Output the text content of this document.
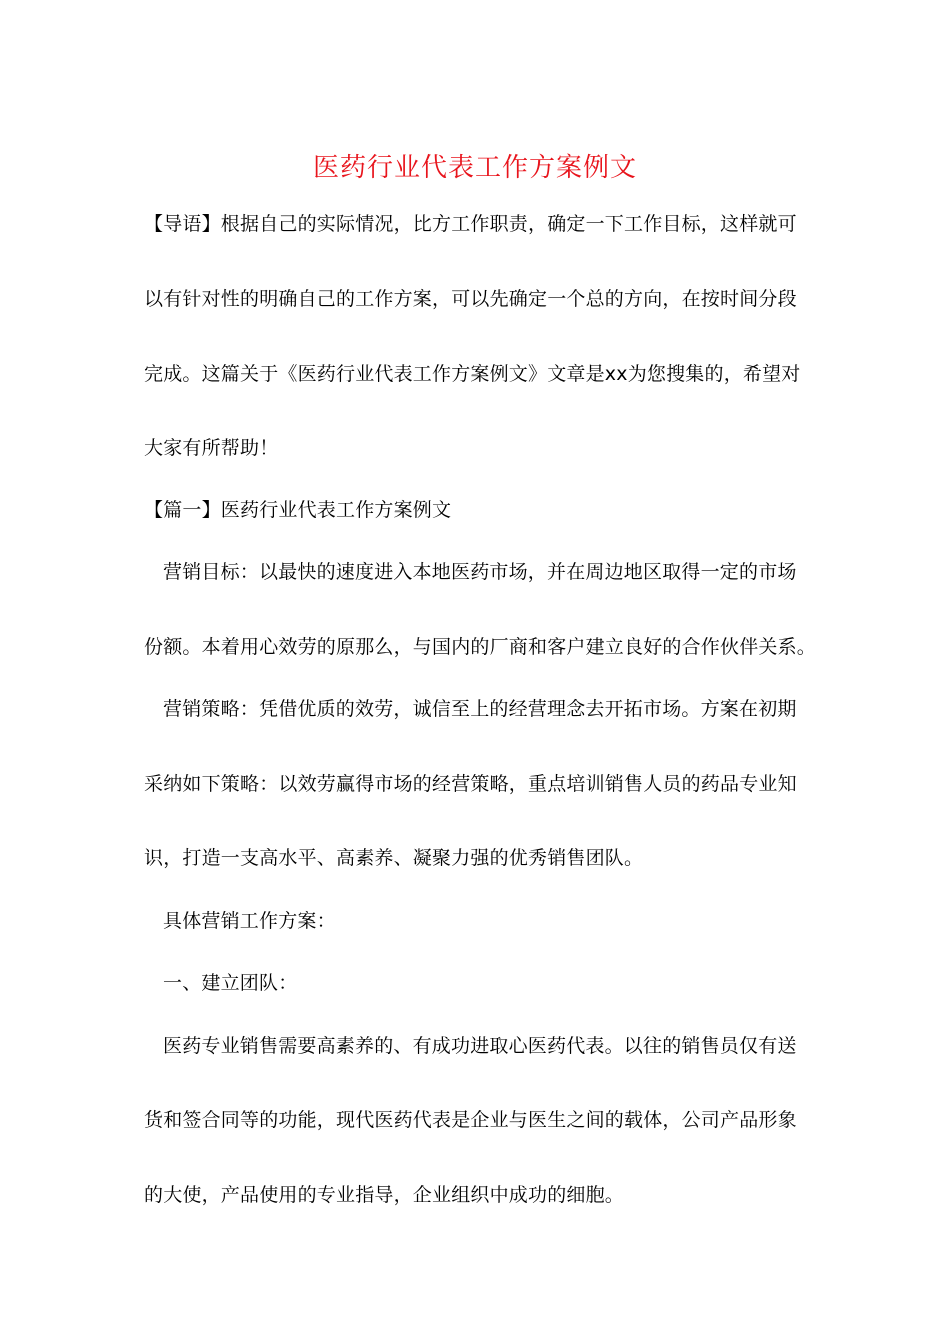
医药行业代表工作方案例文
【导语】根据自己的实际情况，比方工作职责，确定一下工作目标，这样就可
以有针对性的明确自己的工作方案，可以先确定一个总的方向，在按时间分段
完成。这篇关于《医药行业代表工作方案例文》文章是xx为您搜集的，希望对
大家有所帮助！
【篇一】医药行业代表工作方案例文
营销目标：以最快的速度进入本地医药市场，并在周边地区取得一定的市场
份额。本着用心效劳的原那么，与国内的厂商和客户建立良好的合作伙伴关系。
营销策略：凭借优质的效劳，诚信至上的经营理念去开拓市场。方案在初期
采纳如下策略：以效劳赢得市场的经营策略，重点培训销售人员的药品专业知
识，打造一支高水平、高素养、凝聚力强的优秀销售团队。
具体营销工作方案：
一、建立团队：
医药专业销售需要高素养的、有成功进取心医药代表。以往的销售员仅有送
货和签合同等的功能，现代医药代表是企业与医生之间的载体，公司产品形象
的大使，产品使用的专业指导，企业组织中成功的细胞。
